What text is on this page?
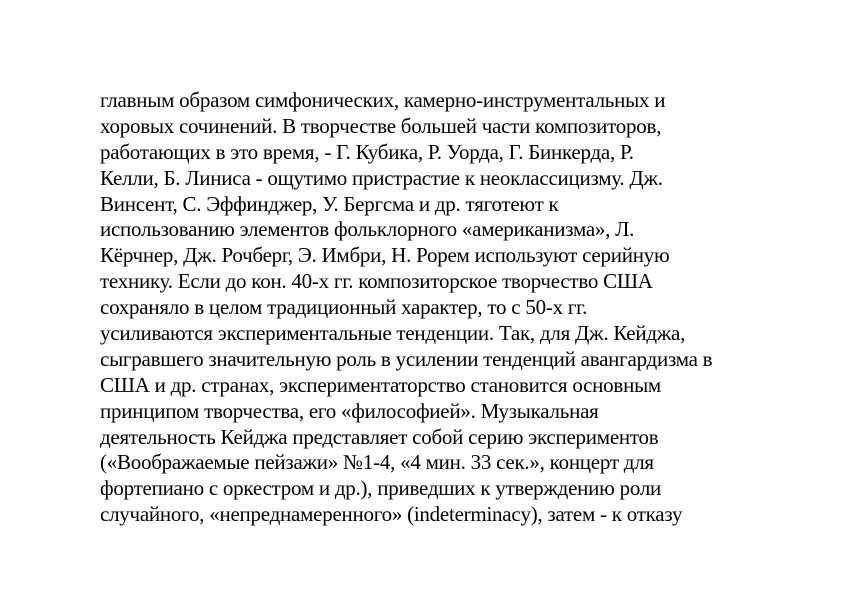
главным образом симфонических, камерно-инструментальных и
хоровых сочинений. В творчестве большей части композиторов,
работающих в это время, - Г. Кубика, Р. Уорда, Г. Бинкерда, Р.
Келли, Б. Линиса - ощутимо пристрастие к неоклассицизму. Дж.
Винсент, С. Эффинджер, У. Бергсма и др. тяготеют к
использованию элементов фольклорного «американизма», Л.
Кёрчнер, Дж. Рочберг, Э. Имбри, Н. Рорем используют серийную
технику. Если до кон. 40-х гг. композиторское творчество США
сохраняло в целом традиционный характер, то с 50-х гг.
усиливаются экспериментальные тенденции. Так, для Дж. Кейджа,
сыгравшего значительную роль в усилении тенденций авангардизма в
США и др. странах, экспериментаторство становится основным
принципом творчества, его «философией». Музыкальная
деятельность Кейджа представляет собой серию экспериментов
(«Воображаемые пейзажи» №1-4, «4 мин. 33 сек.», концерт для
фортепиано с оркестром и др.), приведших к утверждению роли
случайного, «непреднамеренного» (indeterminacy), затем - к отказу
